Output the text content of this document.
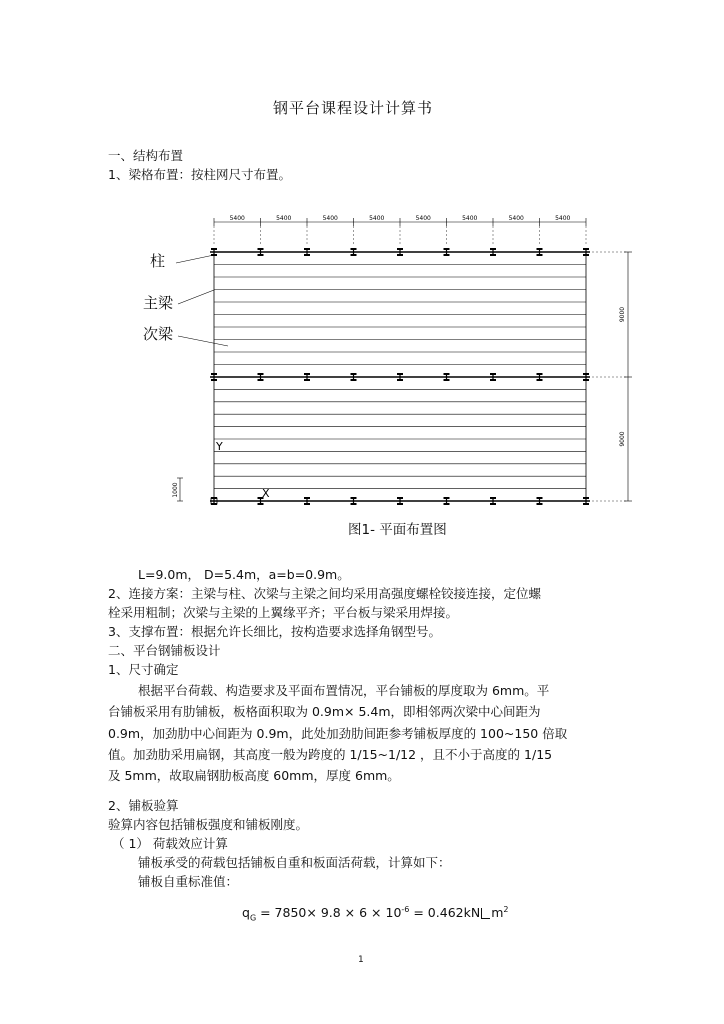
钢平台课程设计计算书
一、结构布置
1、梁格布置：按柱网尺寸布置。
5400	5400	5400	5400	5400	5400	5400	5400
9000
9000
1000
Y
X
柱
主梁
次梁
图1- 平面布置图
L=9.0m， D=5.4m，a=b=0.9m。
2、连接方案：主梁与柱、次梁与主梁之间均采用高强度螺栓铰接连接，定位螺
栓采用粗制；次梁与主梁的上翼缘平齐；平台板与梁采用焊接。
3、支撑布置：根据允许长细比，按构造要求选择角钢型号。
二、平台钢铺板设计
1、尺寸确定
根据平台荷载、构造要求及平面布置情况，平台铺板的厚度取为 6mm。平
台铺板采用有肋铺板，板格面积取为 0.9m× 5.4m，即相邻两次梁中心间距为
0.9m，加劲肋中心间距为 0.9m，此处加劲肋间距参考铺板厚度的 100~150 倍取
值。加劲肋采用扁钢，其高度一般为跨度的 1/15~1/12 ，且不小于高度的 1/15
及 5mm，故取扁钢肋板高度 60mm，厚度 6mm。
2、铺板验算
验算内容包括铺板强度和铺板刚度。
（ 1） 荷载效应计算
铺板承受的荷载包括铺板自重和板面活荷载，计算如下：
铺板自重标准值：
$q_G = 7850\times 9.8 \times 6 \times 10^{-6} = 0.462kN$ $m^2$
1
